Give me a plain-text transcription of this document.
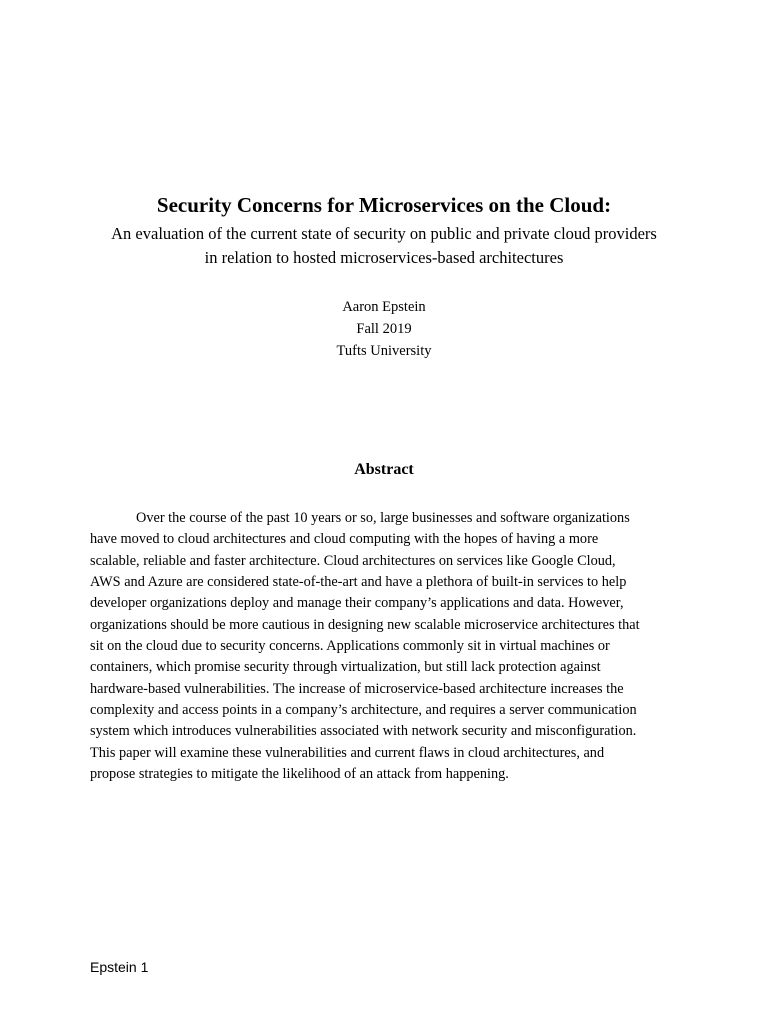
Security Concerns for Microservices on the Cloud:
An evaluation of the current state of security on public and private cloud providers
in relation to hosted microservices-based architectures
Aaron Epstein
Fall 2019
Tufts University
Abstract
Over the course of the past 10 years or so, large businesses and software organizations
have moved to cloud architectures and cloud computing with the hopes of having a more
scalable, reliable and faster architecture. Cloud architectures on services like Google Cloud,
AWS and Azure are considered state-of-the-art and have a plethora of built-in services to help
developer organizations deploy and manage their company’s applications and data. However,
organizations should be more cautious in designing new scalable microservice architectures that
sit on the cloud due to security concerns. Applications commonly sit in virtual machines or
containers, which promise security through virtualization, but still lack protection against
hardware-based vulnerabilities. The increase of microservice-based architecture increases the
complexity and access points in a company’s architecture, and requires a server communication
system which introduces vulnerabilities associated with network security and misconfiguration.
This paper will examine these vulnerabilities and current flaws in cloud architectures, and
propose strategies to mitigate the likelihood of an attack from happening.
Epstein 1
